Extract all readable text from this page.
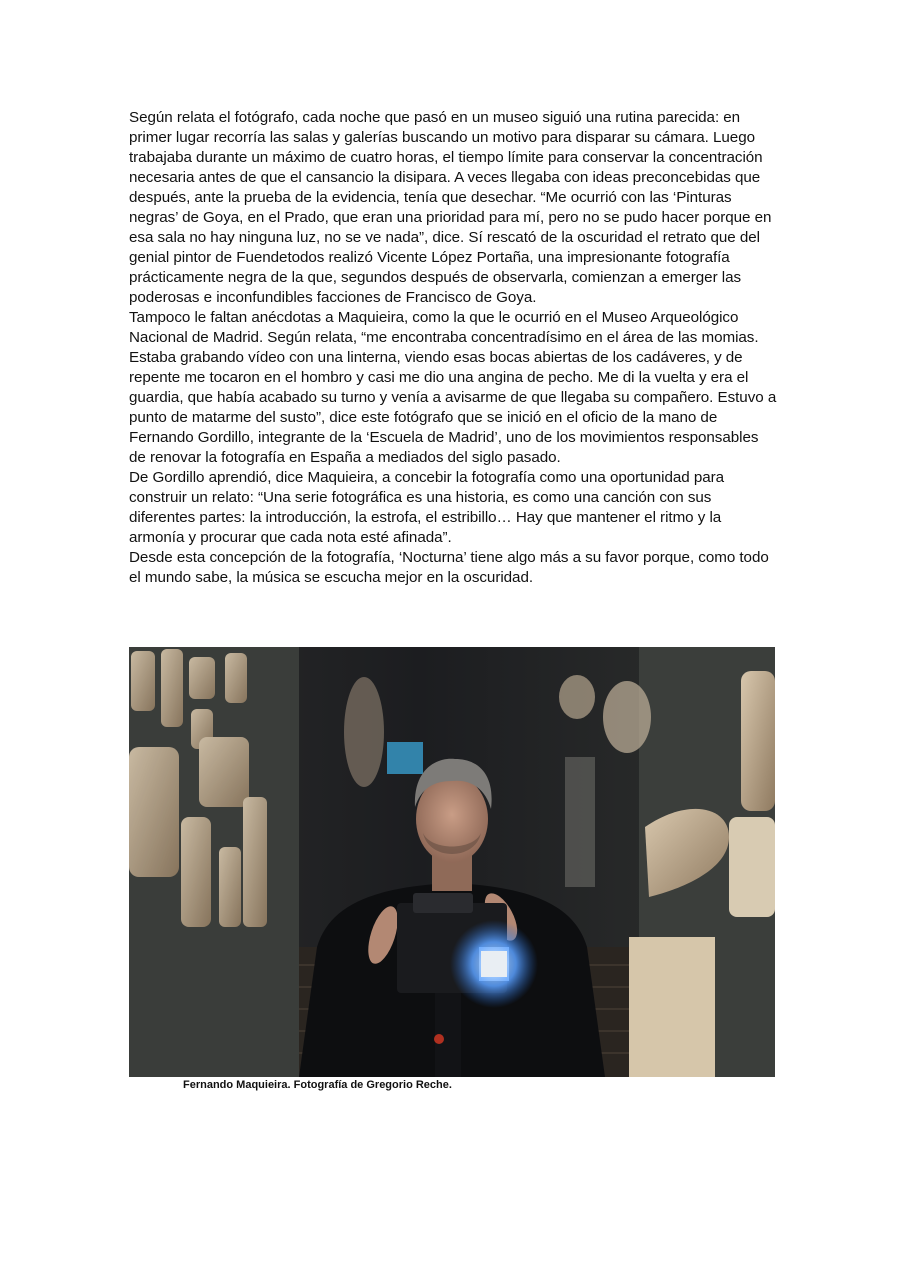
Según relata el fotógrafo, cada noche que pasó en un museo siguió una rutina parecida: en primer lugar recorría las salas y galerías buscando un motivo para disparar su cámara. Luego trabajaba durante un máximo de cuatro horas, el tiempo límite para conservar la concentración necesaria antes de que el cansancio la disipara. A veces llegaba con ideas preconcebidas que después, ante la prueba de la evidencia, tenía que desechar. “Me ocurrió con las ‘Pinturas negras’ de Goya, en el Prado, que eran una prioridad para mí, pero no se pudo hacer porque en esa sala no hay ninguna luz, no se ve nada”, dice. Sí rescató de la oscuridad el retrato que del genial pintor de Fuendetodos realizó Vicente López Portaña, una impresionante fotografía prácticamente negra de la que, segundos después de observarla, comienzan a emerger las poderosas e inconfundibles facciones de Francisco de Goya.

Tampoco le faltan anécdotas a Maquieira, como la que le ocurrió en el Museo Arqueológico Nacional de Madrid. Según relata, “me encontraba concentradísimo en el área de las momias. Estaba grabando vídeo con una linterna, viendo esas bocas abiertas de los cadáveres, y de repente me tocaron en el hombro y casi me dio una angina de pecho. Me di la vuelta y era el guardia, que había acabado su turno y venía a avisarme de que llegaba su compañero. Estuvo a punto de matarme del susto”, dice este fotógrafo que se inició en el oficio de la mano de Fernando Gordillo, integrante de la ‘Escuela de Madrid’, uno de los movimientos responsables de renovar la fotografía en España a mediados del siglo pasado.

De Gordillo aprendió, dice Maquieira, a concebir la fotografía como una oportunidad para construir un relato: “Una serie fotográfica es una historia, es como una canción con sus diferentes partes: la introducción, la estrofa, el estribillo… Hay que mantener el ritmo y la armonía y procurar que cada nota esté afinada”.

Desde esta concepción de la fotografía, ‘Nocturna’ tiene algo más a su favor porque, como todo el mundo sabe, la música se escucha mejor en la oscuridad.

Fernando Maquieira. Fotografía de Gregorio Reche.
